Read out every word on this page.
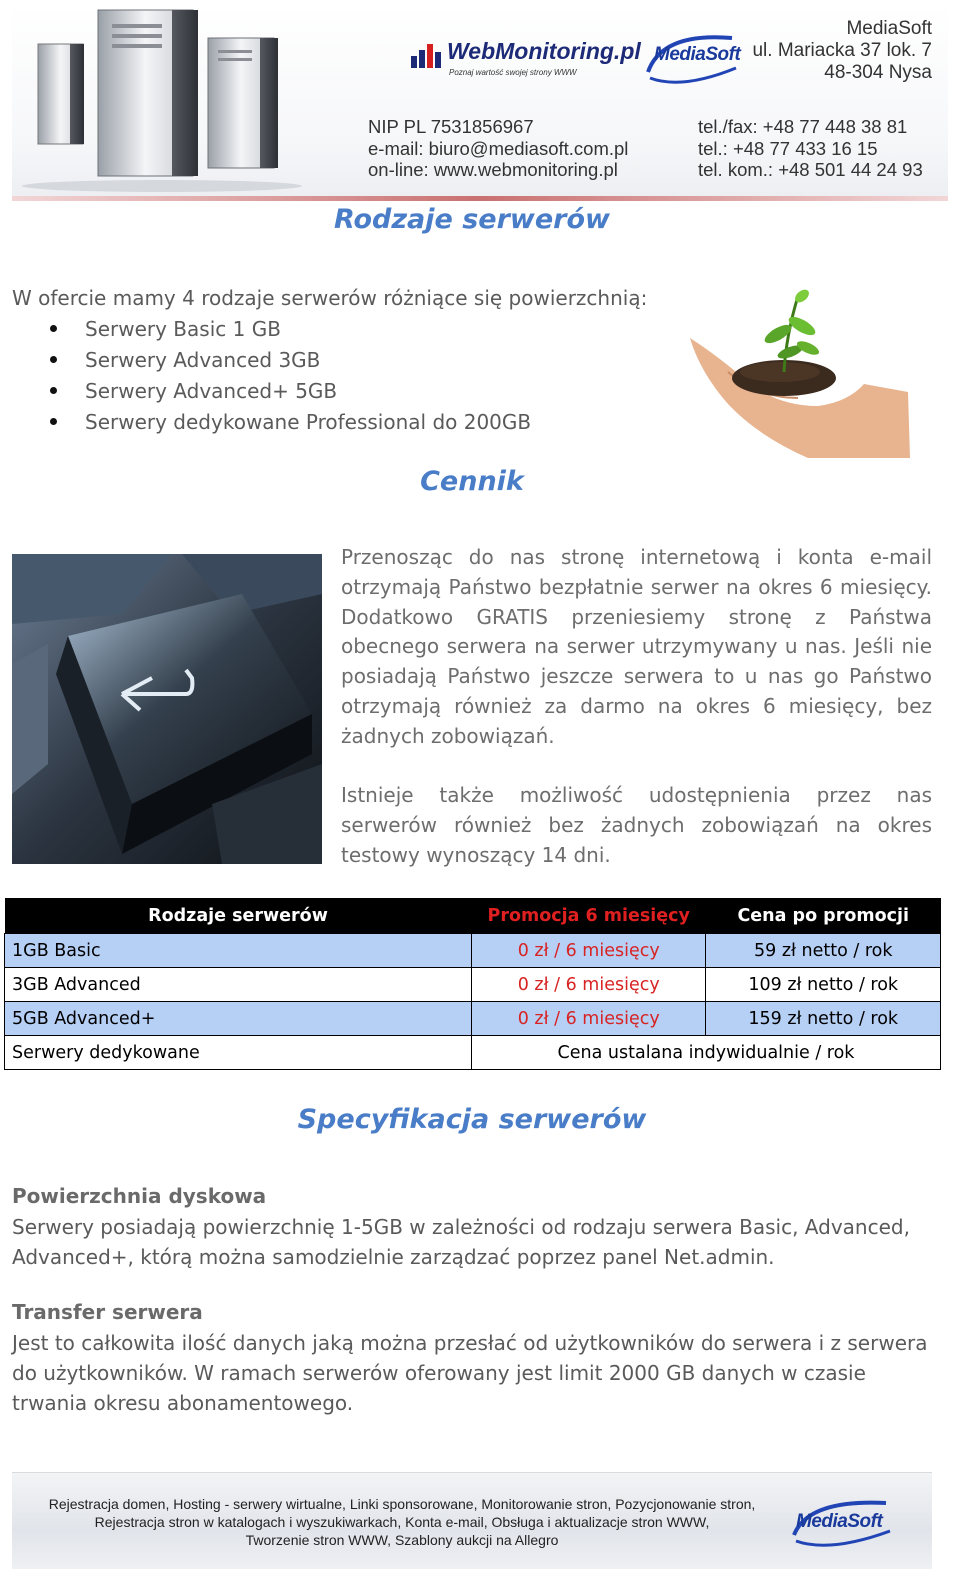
WebMonitoring.pl
Poznaj wartość swojej strony WWW
MediaSoft
MediaSoft
ul. Mariacka 37 lok. 7
48-304 Nysa
NIP PL 7531856967
e-mail: biuro@mediasoft.com.pl
on-line: www.webmonitoring.pl
tel./fax: +48 77 448 38 81
tel.: +48 77 433 16 15
tel. kom.: +48 501 44 24 93
Rodzaje serwerów
W ofercie mamy 4 rodzaje serwerów różniące się powierzchnią:
Serwery Basic 1 GB
Serwery Advanced 3GB
Serwery Advanced+ 5GB
Serwery dedykowane Professional do 200GB
Cennik
Przenosząc do nas stronę internetową i konta e-mail otrzymają Państwo bezpłatnie serwer na okres 6 miesięcy. Dodatkowo GRATIS przeniesiemy stronę z Państwa obecnego serwera na serwer utrzymywany u nas. Jeśli nie posiadają Państwo jeszcze serwera to u nas go Państwo otrzymają również za darmo na okres 6 miesięcy, bez żadnych zobowiązań.
Istnieje także możliwość udostępnienia przez nas serwerów również bez żadnych zobowiązań na okres testowy wynoszący 14 dni.
Rodzaje serwerów	Promocja 6 miesięcy	Cena po promocji
1GB Basic	0 zł / 6 miesięcy	59 zł netto / rok
3GB Advanced	0 zł / 6 miesięcy	109 zł netto / rok
5GB Advanced+	0 zł / 6 miesięcy	159 zł netto / rok
Serwery dedykowane	Cena ustalana indywidualnie / rok	
Specyfikacja serwerów
Powierzchnia dyskowa
Serwery posiadają powierzchnię 1-5GB w zależności od rodzaju serwera Basic, Advanced, Advanced+, którą można samodzielnie zarządzać poprzez panel Net.admin.
Transfer serwera
Jest to całkowita ilość danych jaką można przesłać od użytkowników do serwera i z serwera do użytkowników. W ramach serwerów oferowany jest limit 2000 GB danych w czasie trwania okresu abonamentowego.
Rejestracja domen, Hosting - serwery wirtualne, Linki sponsorowane, Monitorowanie stron, Pozycjonowanie stron,
Rejestracja stron w katalogach i wyszukiwarkach, Konta e-mail, Obsługa i aktualizacje stron WWW,
Tworzenie stron WWW, Szablony aukcji na Allegro
MediaSoft
